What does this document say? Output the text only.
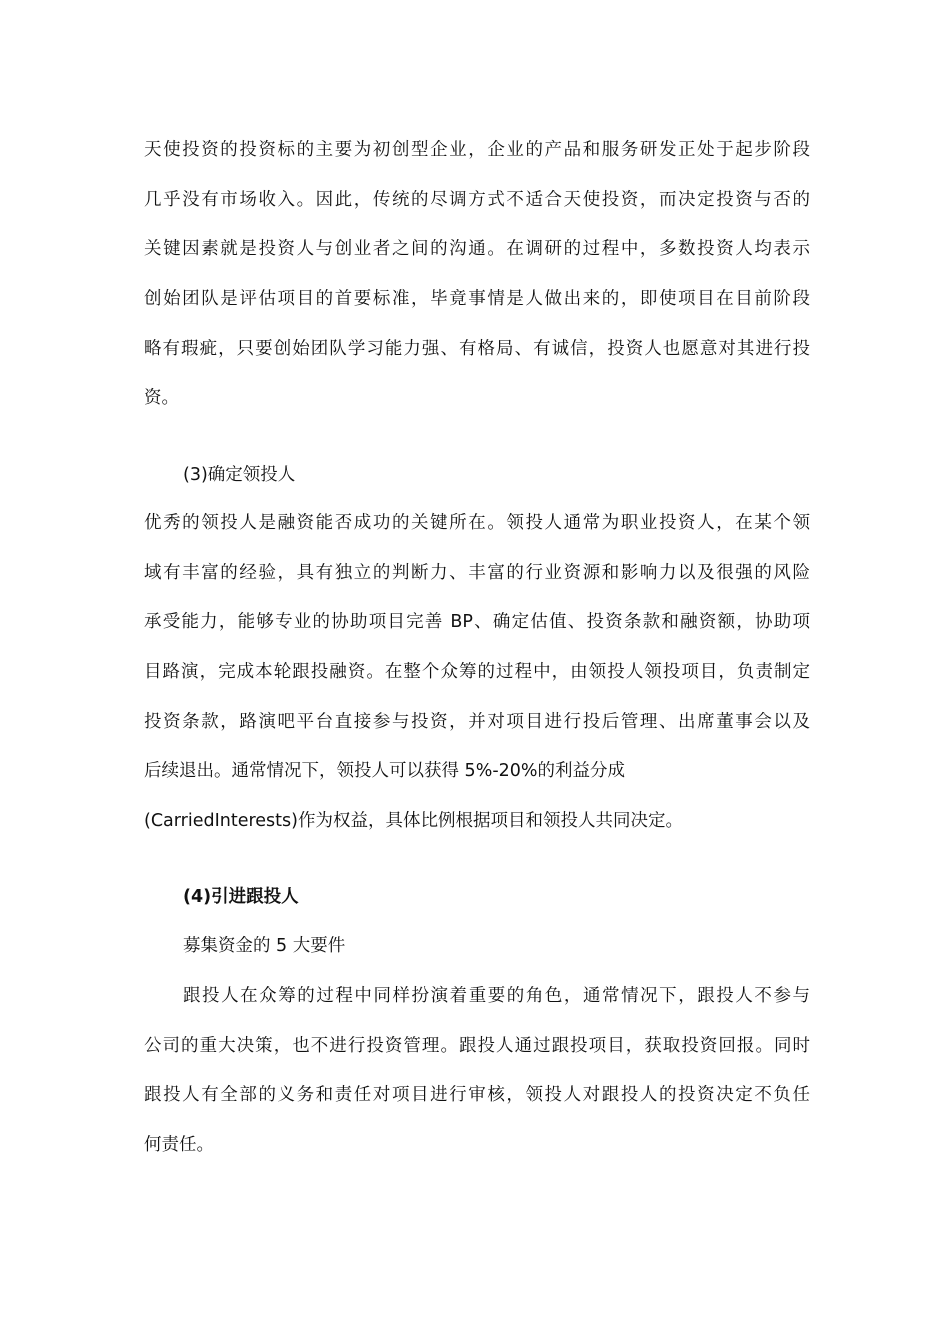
天使投资的投资标的主要为初创型企业，企业的产品和服务研发正处于起步阶段
几乎没有市场收入。因此，传统的尽调方式不适合天使投资，而决定投资与否的
关键因素就是投资人与创业者之间的沟通。在调研的过程中，多数投资人均表示
创始团队是评估项目的首要标准，毕竟事情是人做出来的，即使项目在目前阶段
略有瑕疵，只要创始团队学习能力强、有格局、有诚信，投资人也愿意对其进行投
资。
(3)确定领投人
优秀的领投人是融资能否成功的关键所在。领投人通常为职业投资人，在某个领
域有丰富的经验，具有独立的判断力、丰富的行业资源和影响力以及很强的风险
承受能力，能够专业的协助项目完善 BP、确定估值、投资条款和融资额，协助项
目路演，完成本轮跟投融资。在整个众筹的过程中，由领投人领投项目，负责制定
投资条款，路演吧平台直接参与投资，并对项目进行投后管理、出席董事会以及
后续退出。通常情况下，领投人可以获得 5%-20%的利益分成
(CarriedInterests)作为权益，具体比例根据项目和领投人共同决定。
(4)引进跟投人
募集资金的 5 大要件
跟投人在众筹的过程中同样扮演着重要的角色，通常情况下，跟投人不参与
公司的重大决策，也不进行投资管理。跟投人通过跟投项目，获取投资回报。同时
跟投人有全部的义务和责任对项目进行审核，领投人对跟投人的投资决定不负任
何责任。
